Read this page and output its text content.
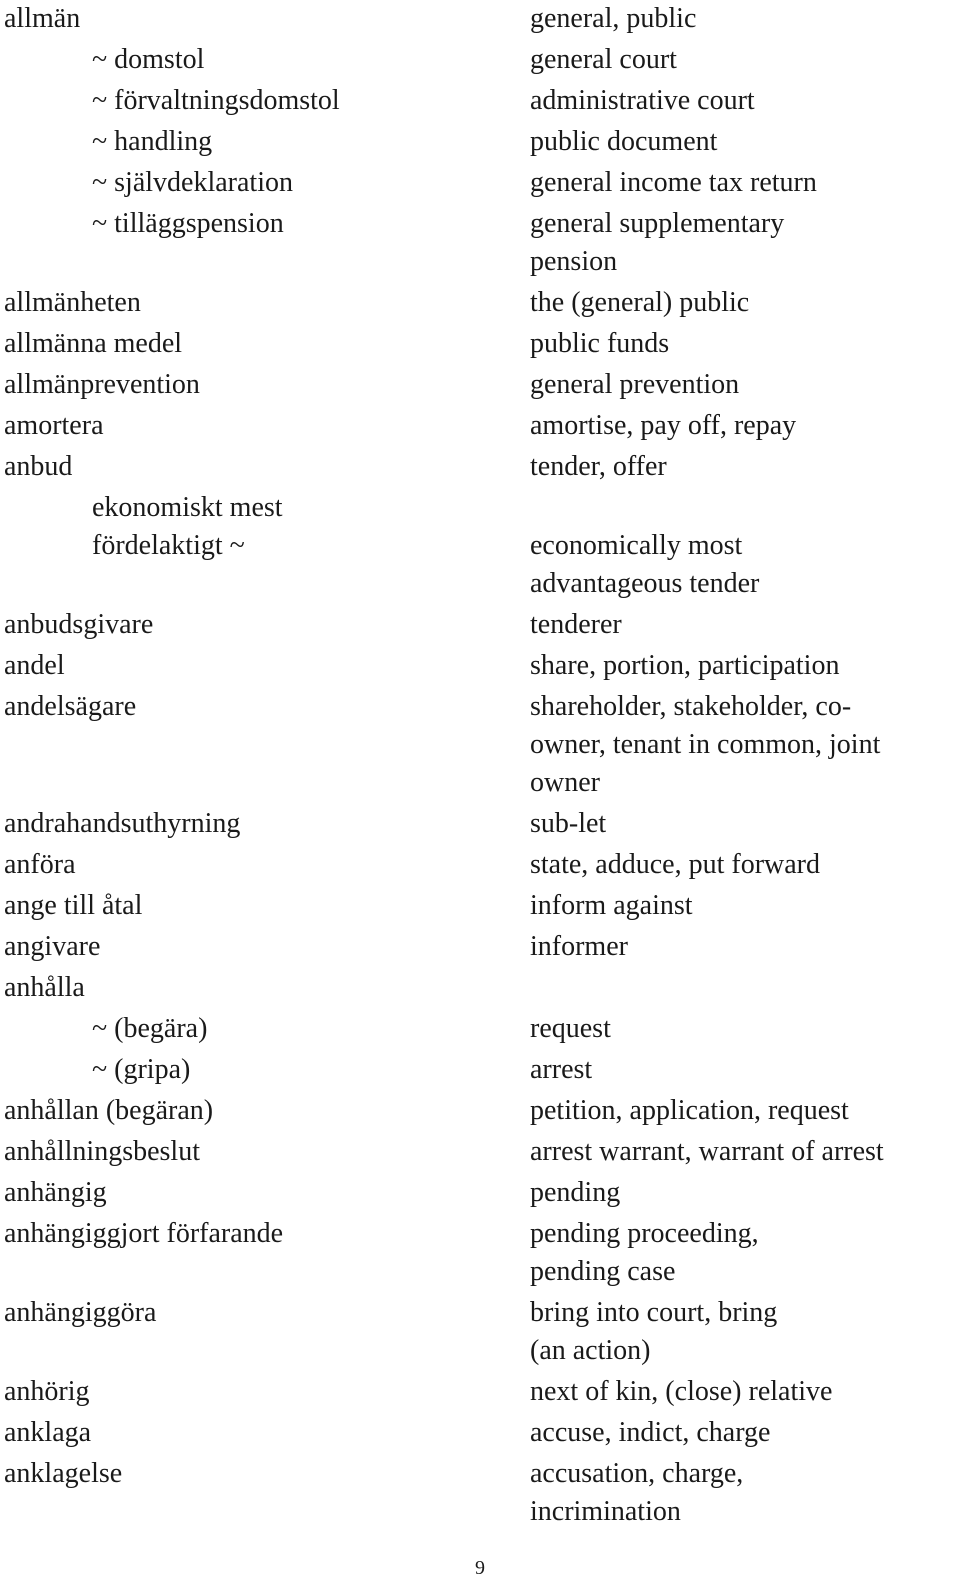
allmän	general, public
~ domstol	general court
~ förvaltningsdomstol	administrative court
~ handling	public document
~ självdeklaration	general income tax return
~ tilläggspension	general supplementary
pension
allmänheten	the (general) public
allmänna medel	public funds
allmänprevention	general prevention
amortera	amortise, pay off, repay
anbud	tender, offer
ekonomiskt mest
fördelaktigt ~
	economically most
advantageous tender
anbudsgivare	tenderer
andel	share, portion, participation
andelsägare	shareholder, stakeholder, co-
owner, tenant in common, joint
owner
andrahandsuthyrning	sub-let
anföra	state, adduce, put forward
ange till åtal	inform against
angivare	informer
anhålla

~ (begära)	request
~ (gripa)	arrest
anhållan (begäran)	petition, application, request
anhållningsbeslut	arrest warrant, warrant of arrest
anhängig	pending
anhängiggjort förfarande	pending proceeding,
pending case
anhängiggöra	bring into court, bring
(an action)
anhörig	next of kin, (close) relative
anklaga	accuse, indict, charge
anklagelse	accusation, charge,
incrimination
9
